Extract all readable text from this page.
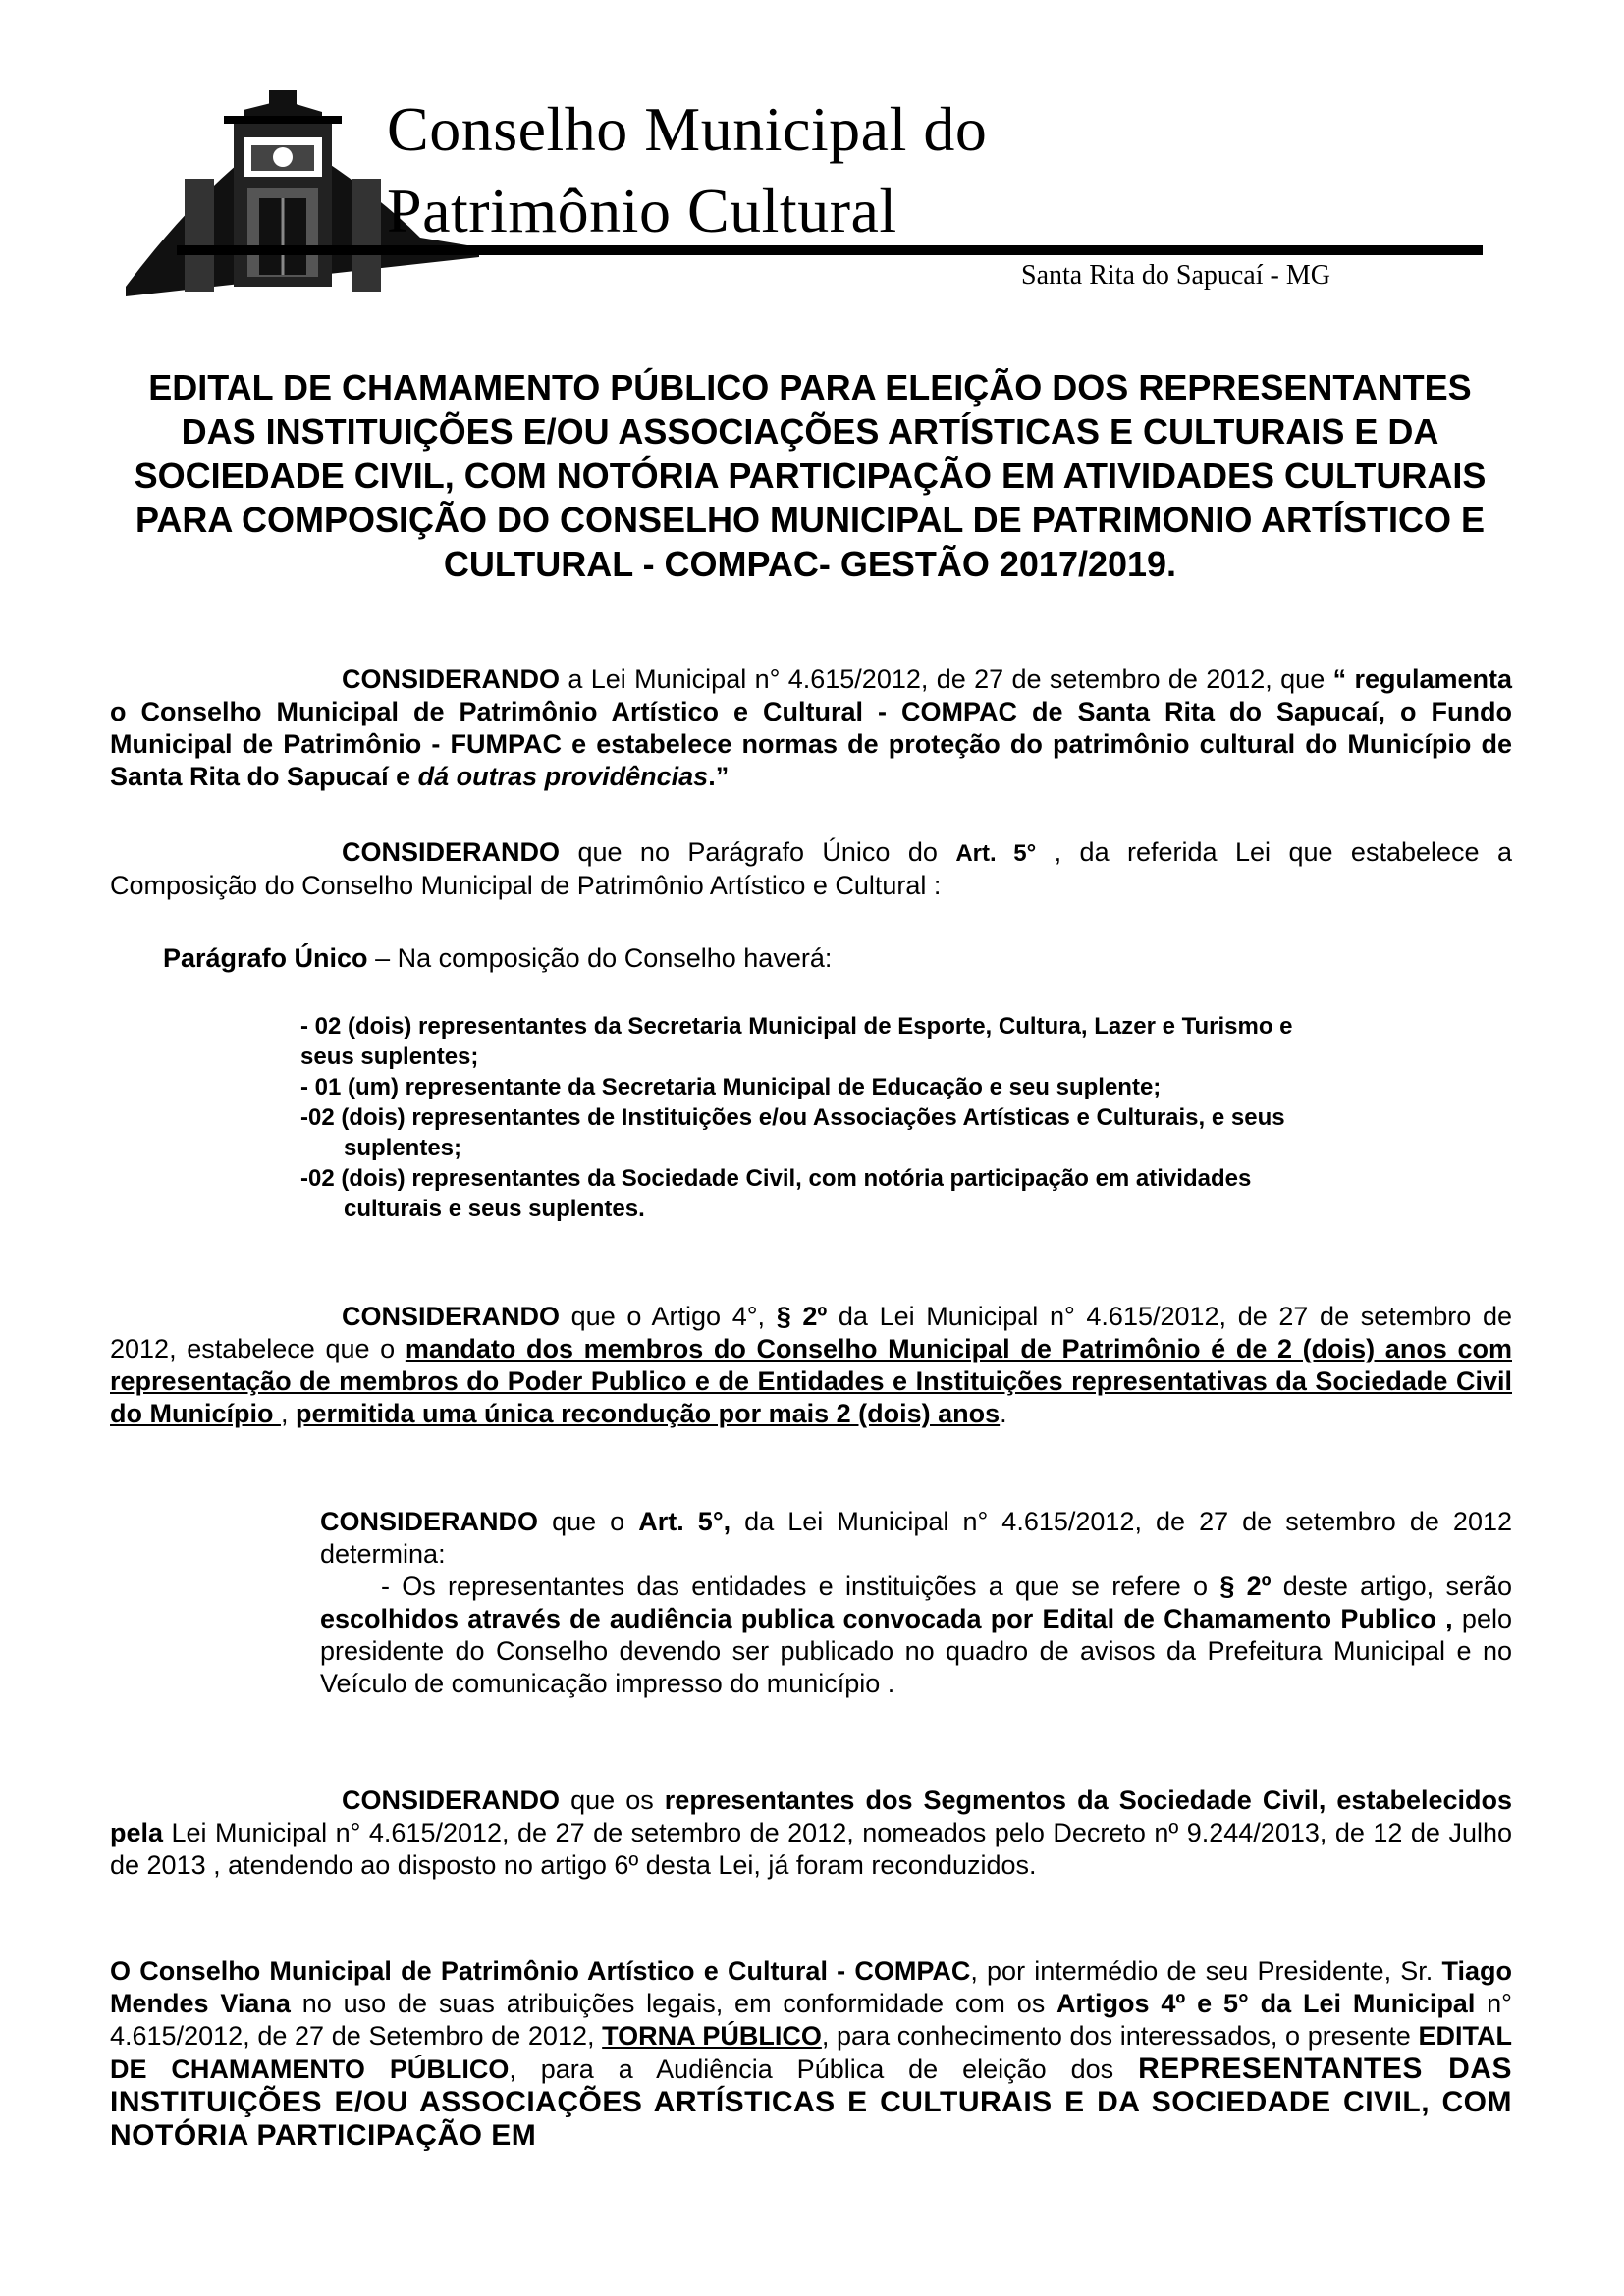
Conselho Municipal do
Patrimônio Cultural
Santa Rita do Sapucaí - MG
EDITAL DE CHAMAMENTO PÚBLICO PARA ELEIÇÃO DOS REPRESENTANTES DAS INSTITUIÇÕES E/OU ASSOCIAÇÕES ARTÍSTICAS E CULTURAIS E DA SOCIEDADE CIVIL, COM NOTÓRIA PARTICIPAÇÃO EM ATIVIDADES CULTURAIS PARA COMPOSIÇÃO DO CONSELHO MUNICIPAL DE PATRIMONIO ARTÍSTICO E CULTURAL - COMPAC- GESTÃO 2017/2019.
CONSIDERANDO a Lei Municipal n° 4.615/2012, de 27 de setembro de 2012, que “ regulamenta o Conselho Municipal de Patrimônio Artístico e Cultural - COMPAC de Santa Rita do Sapucaí, o Fundo Municipal de Patrimônio - FUMPAC e estabelece normas de proteção do patrimônio cultural do Município de Santa Rita do Sapucaí e dá outras providências.”
CONSIDERANDO que no Parágrafo Único do Art. 5° , da referida Lei que estabelece a Composição do Conselho Municipal de Patrimônio Artístico e Cultural :
Parágrafo Único – Na composição do Conselho haverá:
- 02 (dois) representantes da Secretaria Municipal de Esporte, Cultura, Lazer e Turismo e
seus suplentes;
- 01 (um) representante da Secretaria Municipal de Educação e seu suplente;
-02 (dois) representantes de Instituições e/ou Associações Artísticas e Culturais, e seus
suplentes;
-02 (dois) representantes da Sociedade Civil, com notória participação em atividades
culturais e seus suplentes.
CONSIDERANDO que o Artigo 4°, § 2º da Lei Municipal n° 4.615/2012, de 27 de setembro de 2012, estabelece que o mandato dos membros do Conselho Municipal de Patrimônio é de 2 (dois) anos com representação de membros do Poder Publico e de Entidades e Instituições representativas da Sociedade Civil do Município , permitida uma única recondução por mais 2 (dois) anos.
CONSIDERANDO que o Art. 5°, da Lei Municipal n° 4.615/2012, de 27 de setembro de 2012 determina:
- Os representantes das entidades e instituições a que se refere o § 2º deste artigo, serão escolhidos através de audiência publica convocada por Edital de Chamamento Publico , pelo presidente do Conselho devendo ser publicado no quadro de avisos da Prefeitura Municipal e no Veículo de comunicação impresso do município .
CONSIDERANDO que os representantes dos Segmentos da Sociedade Civil, estabelecidos pela Lei Municipal n° 4.615/2012, de 27 de setembro de 2012, nomeados pelo Decreto nº 9.244/2013, de 12 de Julho de 2013 , atendendo ao disposto no artigo 6º desta Lei, já foram reconduzidos.
O Conselho Municipal de Patrimônio Artístico e Cultural - COMPAC, por intermédio de seu Presidente, Sr. Tiago Mendes Viana no uso de suas atribuições legais, em conformidade com os Artigos 4º e 5° da Lei Municipal n° 4.615/2012, de 27 de Setembro de 2012, TORNA PÚBLICO, para conhecimento dos interessados, o presente EDITAL DE CHAMAMENTO PÚBLICO, para a Audiência Pública de eleição dos REPRESENTANTES DAS INSTITUIÇÕES E/OU ASSOCIAÇÕES ARTÍSTICAS E CULTURAIS E DA SOCIEDADE CIVIL, COM NOTÓRIA PARTICIPAÇÃO EM
